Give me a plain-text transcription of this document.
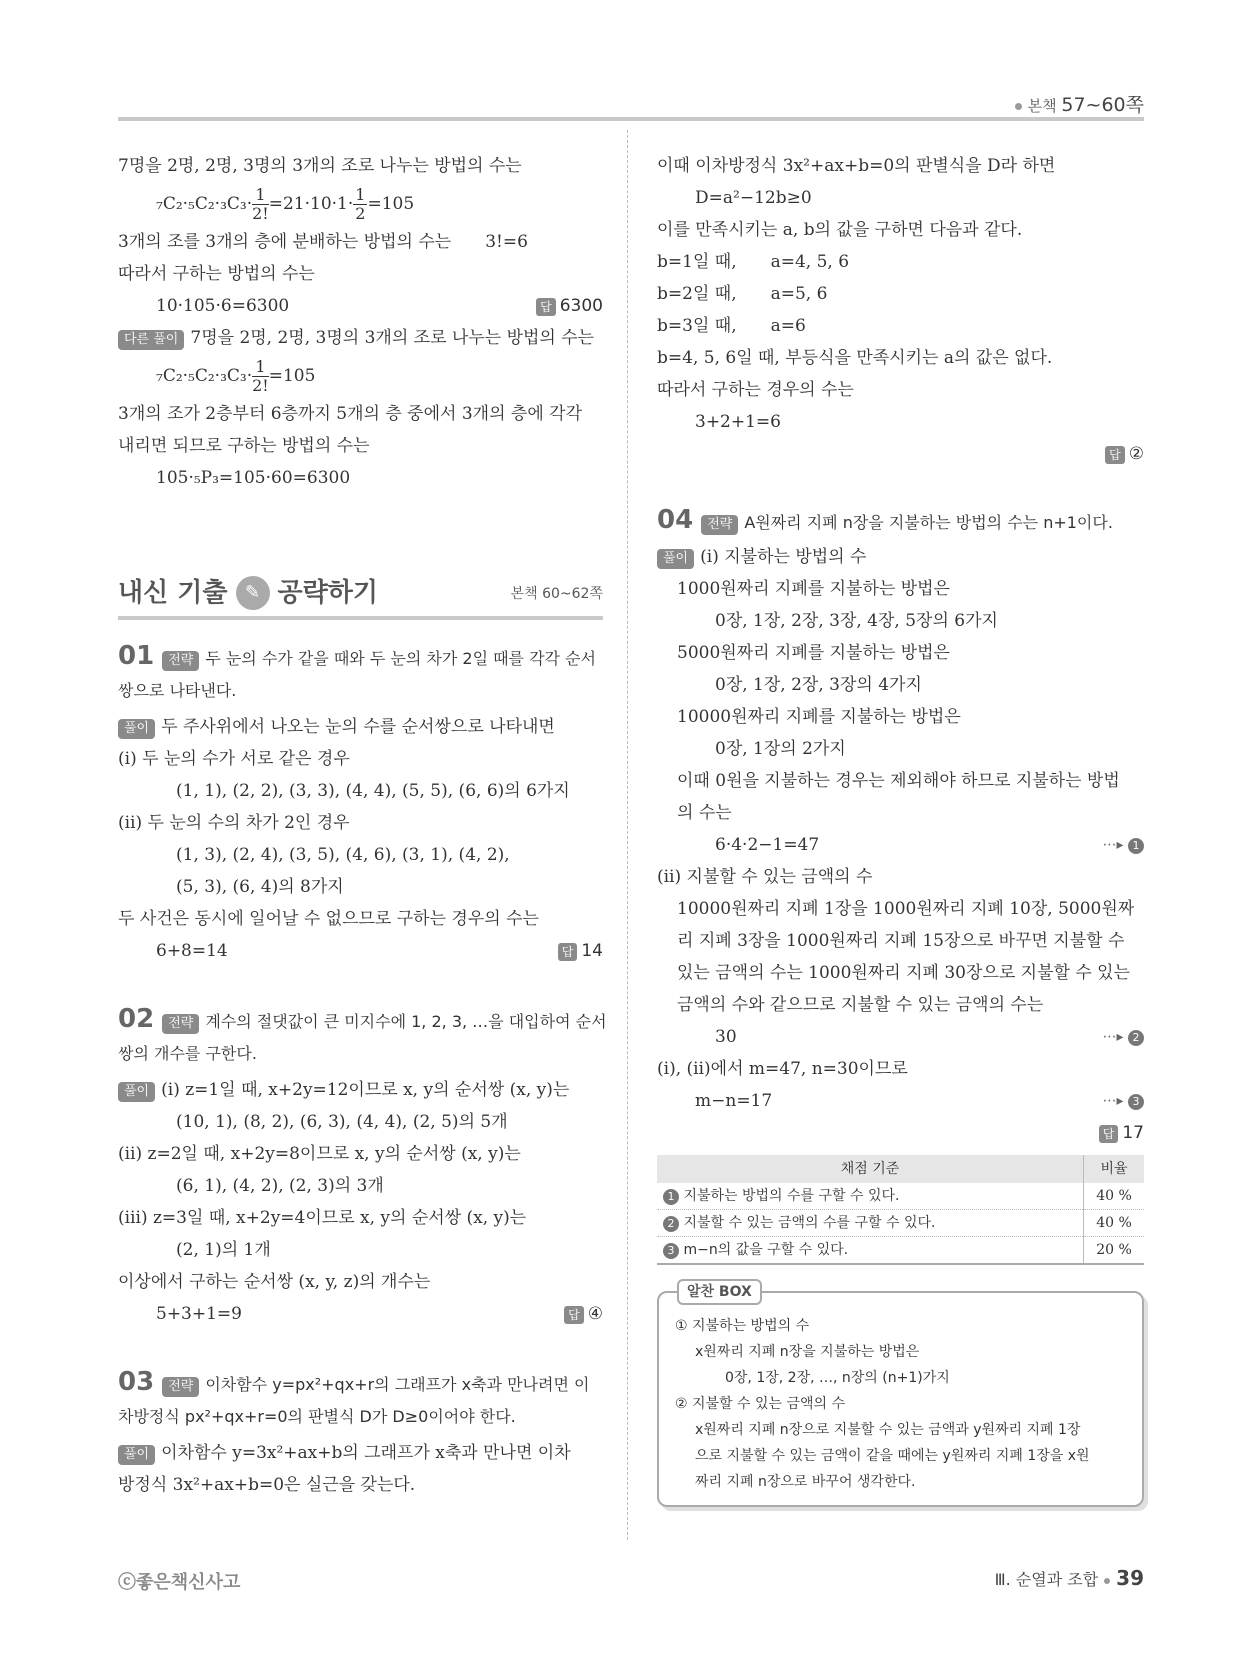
본책 57~60쪽
7명을 2명, 2명, 3명의 3개의 조로 나누는 방법의 수는
$_7C_2\cdot_5C_2\cdot_3C_3\cdot \frac{1}{2!} =21\cdot 10\cdot 1\cdot \frac{1}{2} =105$
3개의 조를 3개의 층에 분배하는 방법의 수는　　3!=6
따라서 구하는 방법의 수는
10·105·6=6300	답 6300
다른 풀이 7명을 2명, 2명, 3명의 3개의 조로 나누는 방법의 수는
$_7C_2\cdot_5C_2\cdot_3C_3\cdot \frac{1}{2!} =105$
3개의 조가 2층부터 6층까지 5개의 층 중에서 3개의 층에 각각
내리면 되므로 구하는 방법의 수는
105·₅P₃=105·60=6300
내신 기출 ✎ 공략하기	본책 60~62쪽
01 전략 두 눈의 수가 같을 때와 두 눈의 차가 2일 때를 각각 순서
쌍으로 나타낸다.
풀이 두 주사위에서 나오는 눈의 수를 순서쌍으로 나타내면
(ⅰ) 두 눈의 수가 서로 같은 경우
(1, 1), (2, 2), (3, 3), (4, 4), (5, 5), (6, 6)의 6가지
(ⅱ) 두 눈의 수의 차가 2인 경우
(1, 3), (2, 4), (3, 5), (4, 6), (3, 1), (4, 2),
(5, 3), (6, 4)의 8가지
두 사건은 동시에 일어날 수 없으므로 구하는 경우의 수는
6+8=14	답 14
02 전략 계수의 절댓값이 큰 미지수에 1, 2, 3, …을 대입하여 순서
쌍의 개수를 구한다.
풀이 (ⅰ) z=1일 때, x+2y=12이므로 x, y의 순서쌍 (x, y)는
(10, 1), (8, 2), (6, 3), (4, 4), (2, 5)의 5개
(ⅱ) z=2일 때, x+2y=8이므로 x, y의 순서쌍 (x, y)는
(6, 1), (4, 2), (2, 3)의 3개
(ⅲ) z=3일 때, x+2y=4이므로 x, y의 순서쌍 (x, y)는
(2, 1)의 1개
이상에서 구하는 순서쌍 (x, y, z)의 개수는
5+3+1=9	답 ④
03 전략 이차함수 y=px²+qx+r의 그래프가 x축과 만나려면 이
차방정식 px²+qx+r=0의 판별식 D가 D≥0이어야 한다.
풀이 이차함수 y=3x²+ax+b의 그래프가 x축과 만나면 이차
방정식 3x²+ax+b=0은 실근을 갖는다.
이때 이차방정식 3x²+ax+b=0의 판별식을 D라 하면
D=a²−12b≥0
이를 만족시키는 a, b의 값을 구하면 다음과 같다.
b=1일 때,　　a=4, 5, 6
b=2일 때,　　a=5, 6
b=3일 때,　　a=6
b=4, 5, 6일 때, 부등식을 만족시키는 a의 값은 없다.
따라서 구하는 경우의 수는
3+2+1=6
답 ②
04 전략 A원짜리 지폐 n장을 지불하는 방법의 수는 n+1이다.
풀이 (ⅰ) 지불하는 방법의 수
1000원짜리 지폐를 지불하는 방법은
0장, 1장, 2장, 3장, 4장, 5장의 6가지
5000원짜리 지폐를 지불하는 방법은
0장, 1장, 2장, 3장의 4가지
10000원짜리 지폐를 지불하는 방법은
0장, 1장의 2가지
이때 0원을 지불하는 경우는 제외해야 하므로 지불하는 방법
의 수는
6·4·2−1=47	⋯▸ 1
(ⅱ) 지불할 수 있는 금액의 수
10000원짜리 지폐 1장을 1000원짜리 지폐 10장, 5000원짜
리 지폐 3장을 1000원짜리 지폐 15장으로 바꾸면 지불할 수
있는 금액의 수는 1000원짜리 지폐 30장으로 지불할 수 있는
금액의 수와 같으므로 지불할 수 있는 금액의 수는
30	⋯▸ 2
(ⅰ), (ⅱ)에서 m=47, n=30이므로
m−n=17	⋯▸ 3
답 17
채점 기준	비율
1 지불하는 방법의 수를 구할 수 있다.	40 %
2 지불할 수 있는 금액의 수를 구할 수 있다.	40 %
3 m−n의 값을 구할 수 있다.	20 %
알찬 BOX
① 지불하는 방법의 수
x원짜리 지폐 n장을 지불하는 방법은
0장, 1장, 2장, …, n장의 (n+1)가지
② 지불할 수 있는 금액의 수
x원짜리 지폐 n장으로 지불할 수 있는 금액과 y원짜리 지폐 1장
으로 지불할 수 있는 금액이 같을 때에는 y원짜리 지폐 1장을 x원
짜리 지폐 n장으로 바꾸어 생각한다.
ⓒ좋은책신사고	Ⅲ. 순열과 조합 39
